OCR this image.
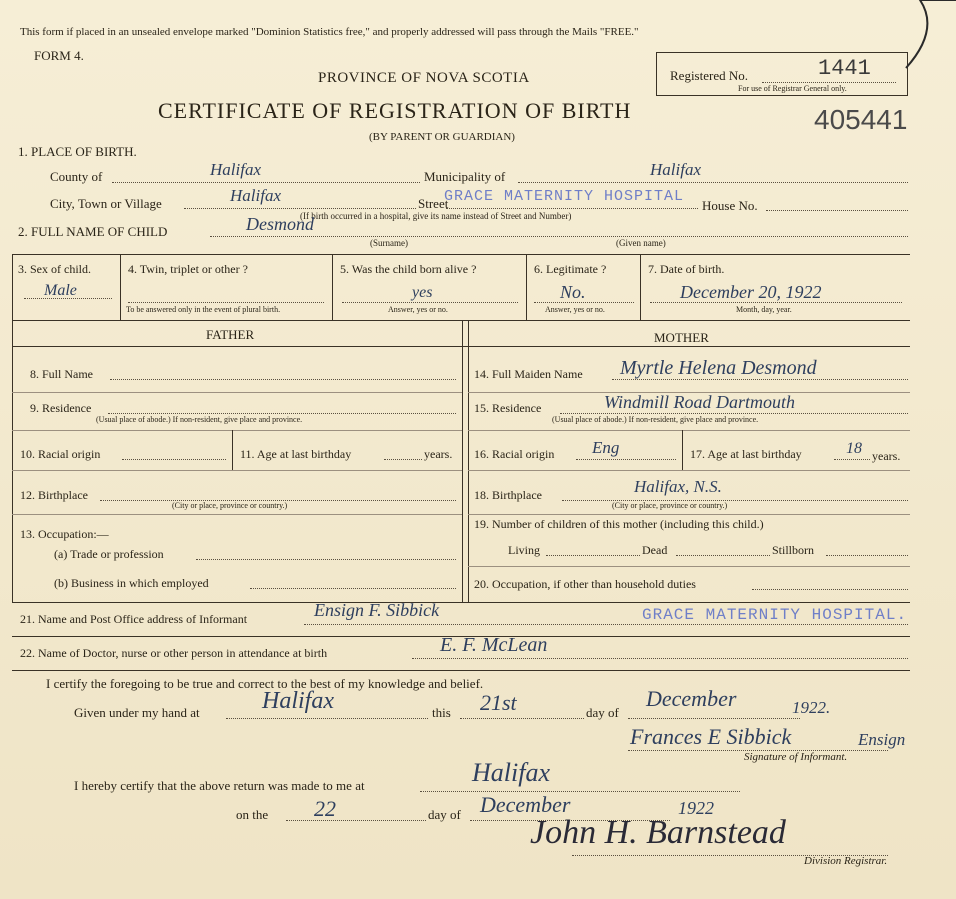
This form if placed in an unsealed envelope marked "Dominion Statistics free," and properly addressed will pass through the Mails "FREE."
FORM 4.
PROVINCE OF NOVA SCOTIA
CERTIFICATE OF REGISTRATION OF BIRTH
(BY PARENT OR GUARDIAN)
Registered No.	1441
For use of Registrar General only.
405441
1. PLACE OF BIRTH.
County of	Halifax	Municipality of	Halifax
City, Town or Village	Halifax	Street
GRACE MATERNITY HOSPITAL
House No.
(If birth occurred in a hospital, give its name instead of Street and Number)
2. FULL NAME OF CHILD	Desmond
(Surname)	(Given name)
3. Sex of child.
Male
4. Twin, triplet or other ?
To be answered only in the event of plural birth.
5. Was the child born alive ?
yes
Answer, yes or no.
6. Legitimate ?
No.
Answer, yes or no.
7. Date of birth.
December 20, 1922
Month, day, year.
FATHER	MOTHER
8. Full Name
9. Residence
(Usual place of abode.) If non-resident, give place and province.
10. Racial origin	11. Age at last birthday	years.
12. Birthplace
(City or place, province or country.)
13. Occupation:—
(a) Trade or profession
(b) Business in which employed
14. Full Maiden Name Myrtle Helena Desmond
15. Residence	Windmill Road Dartmouth
(Usual place of abode.) If non-resident, give place and province.
16. Racial origin Eng	17. Age at last birthday	18 years.
18. Birthplace	Halifax, N.S.
(City or place, province or country.)
19. Number of children of this mother (including this child.)
Living	Dead	Stillborn
20. Occupation, if other than household duties
21. Name and Post Office address of Informant	Ensign F. Sibbick	GRACE MATERNITY HOSPITAL.
22. Name of Doctor, nurse or other person in attendance at birth	E. F. McLean
I certify the foregoing to be true and correct to the best of my knowledge and belief.
Given under my hand at	Halifax	this 21st	day of
December	1922.
Frances E Sibbick	Ensign
Signature of Informant.
I hereby certify that the above return was made to me at	Halifax
on the 22	day of December	1922
John H. Barnstead
Division Registrar.
